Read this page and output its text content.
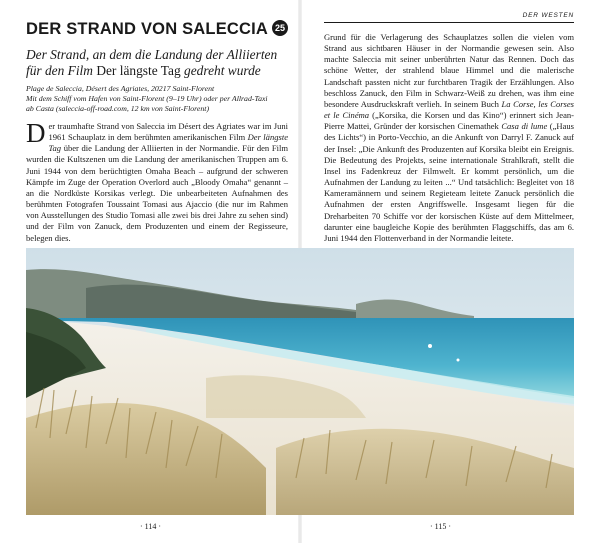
DER STRAND VON SALECCIA 25
Der Strand, an dem die Landung der Alliierten für den Film Der längste Tag gedreht wurde
Plage de Saleccia, Désert des Agriates, 20217 Saint-Florent
Mit dem Schiff vom Hafen von Saint-Florent (9–19 Uhr) oder per Allrad-Taxi
ab Casta (saleccia-off-road.com, 12 km von Saint-Florent)

Der traumhafte Strand von Saleccia im Désert des Agriates war im Juni 1961 Schauplatz in dem berühmten amerikanischen Film Der längste Tag über die Landung der Alliierten in der Normandie. Für den Film wurden die Kultszenen um die Landung der amerikanischen Truppen am 6. Juni 1944 von dem berüchtigten Omaha Beach – aufgrund der schweren Kämpfe im Zuge der Operation Overlord auch „Bloody Omaha“ genannt – an die Nordküste Korsikas verlegt. Die unbearbeiteten Aufnahmen des berühmten Fotografen Toussaint Tomasi aus Ajaccio (die nur im Rahmen von Ausstellungen des Studio Tomasi alle zwei bis drei Jahre zu sehen sind) und der Film von Zanuck, dem Produzenten und einem der Regisseure, belegen dies.

· 114 ·
DER WESTEN

Grund für die Verlagerung des Schauplatzes sollen die vielen vom Strand aus sichtbaren Häuser in der Normandie gewesen sein. Also machte Saleccia mit seiner unberührten Natur das Rennen. Doch das schöne Wetter, der strahlend blaue Himmel und die malerische Landschaft passten nicht zur furchtbaren Tragik der Erzählungen. Also beschloss Zanuck, den Film in Schwarz-Weiß zu drehen, was ihm eine besondere Ausdruckskraft verlieh. In seinem Buch La Corse, les Corses et le Cinéma („Korsika, die Korsen und das Kino“) erinnert sich Jean-Pierre Mattei, Gründer der korsischen Cinemathek Casa di lume („Haus des Lichts“) in Porto-Vecchio, an die Ankunft von Darryl F. Zanuck auf der Insel: „Die Ankunft des Produzenten auf Korsika bleibt ein Ereignis. Die Bedeutung des Projekts, seine internationale Strahlkraft, stellt die Insel ins Fadenkreuz der Filmwelt. Er kommt persönlich, um die Aufnahmen der Landung zu leiten ...“ Und tatsächlich: Begleitet von 18 Kameramännern und seinem Regieteam leitete Zanuck persönlich die Aufnahmen der ersten Angriffswelle. Insgesamt liegen für die Dreharbeiten 70 Schiffe vor der korsischen Küste auf dem Mittelmeer, darunter eine baugleiche Kopie des berühmten Flaggschiffs, das am 6. Juni 1944 den Flottenverband in der Normandie leitete.

· 115 ·
